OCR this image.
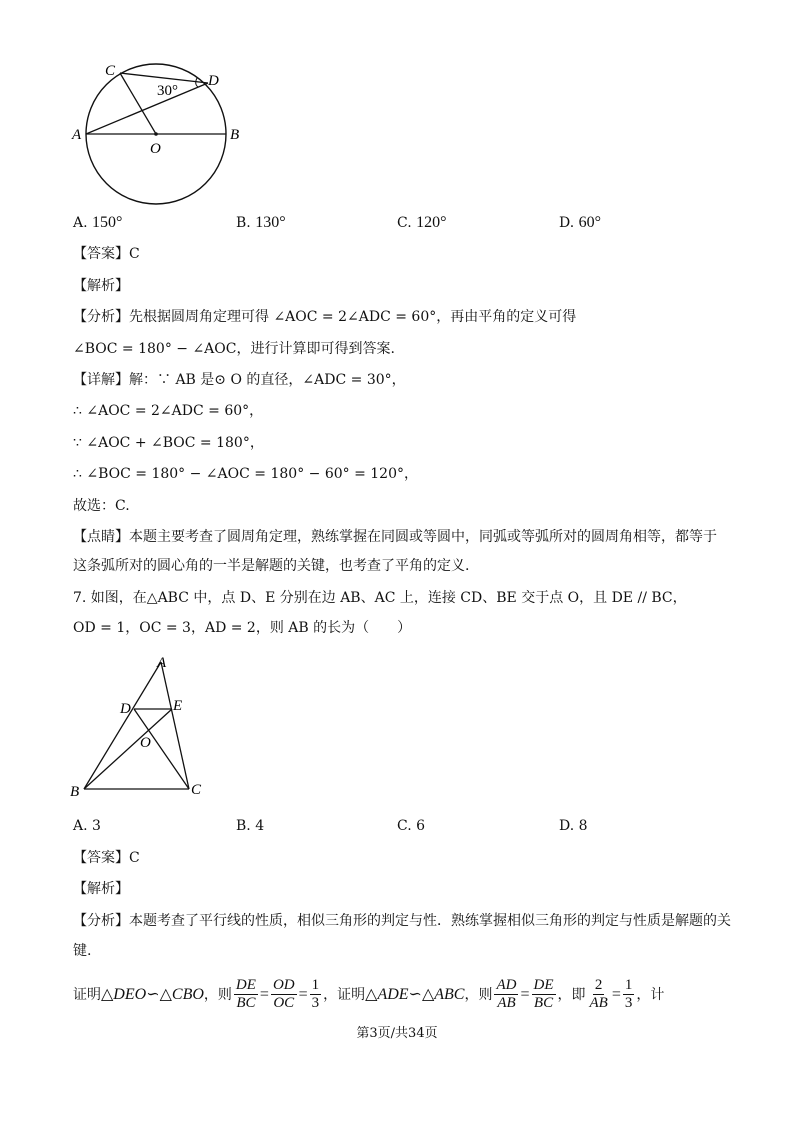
C
D
A	B
O
30°
A. 150°	B. 130°	C. 120°	D. 60°
【答案】C
【解析】
【分析】先根据圆周角定理可得 ∠AOC = 2∠ADC = 60°，再由平角的定义可得
∠BOC = 180° − ∠AOC，进行计算即可得到答案.
【详解】解：∵ AB 是⊙ O 的直径，∠ADC = 30°，
∴ ∠AOC = 2∠ADC = 60°，
∵ ∠AOC + ∠BOC = 180°，
∴ ∠BOC = 180° − ∠AOC = 180° − 60° = 120°，
故选：C.
【点睛】本题主要考查了圆周角定理，熟练掌握在同圆或等圆中，同弧或等弧所对的圆周角相等，都等于
这条弧所对的圆心角的一半是解题的关键，也考查了平角的定义.
7. 如图，在△ABC 中，点 D、E 分别在边 AB、AC 上，连接 CD、BE 交于点 O，且 DE // BC，
OD = 1，OC = 3，AD = 2，则 AB 的长为（　　）
A
D	E
O
B	C
A. 3	B. 4	C. 6	D. 8
【答案】C
【解析】
【分析】本题考查了平行线的性质，相似三角形的判定与性．熟练掌握相似三角形的判定与性质是解题的关
键.
证明 △DEO∽△CBO ，则 $\frac{DE}{BC} = \frac{OD}{OC} = \frac{1}{3}$ ，证明 △ADE∽△ABC ，则 $\frac{AD}{AB} = \frac{DE}{BC}$ ，即 $\frac{2}{AB} = \frac{1}{3}$ ，计
第3页/共34页
